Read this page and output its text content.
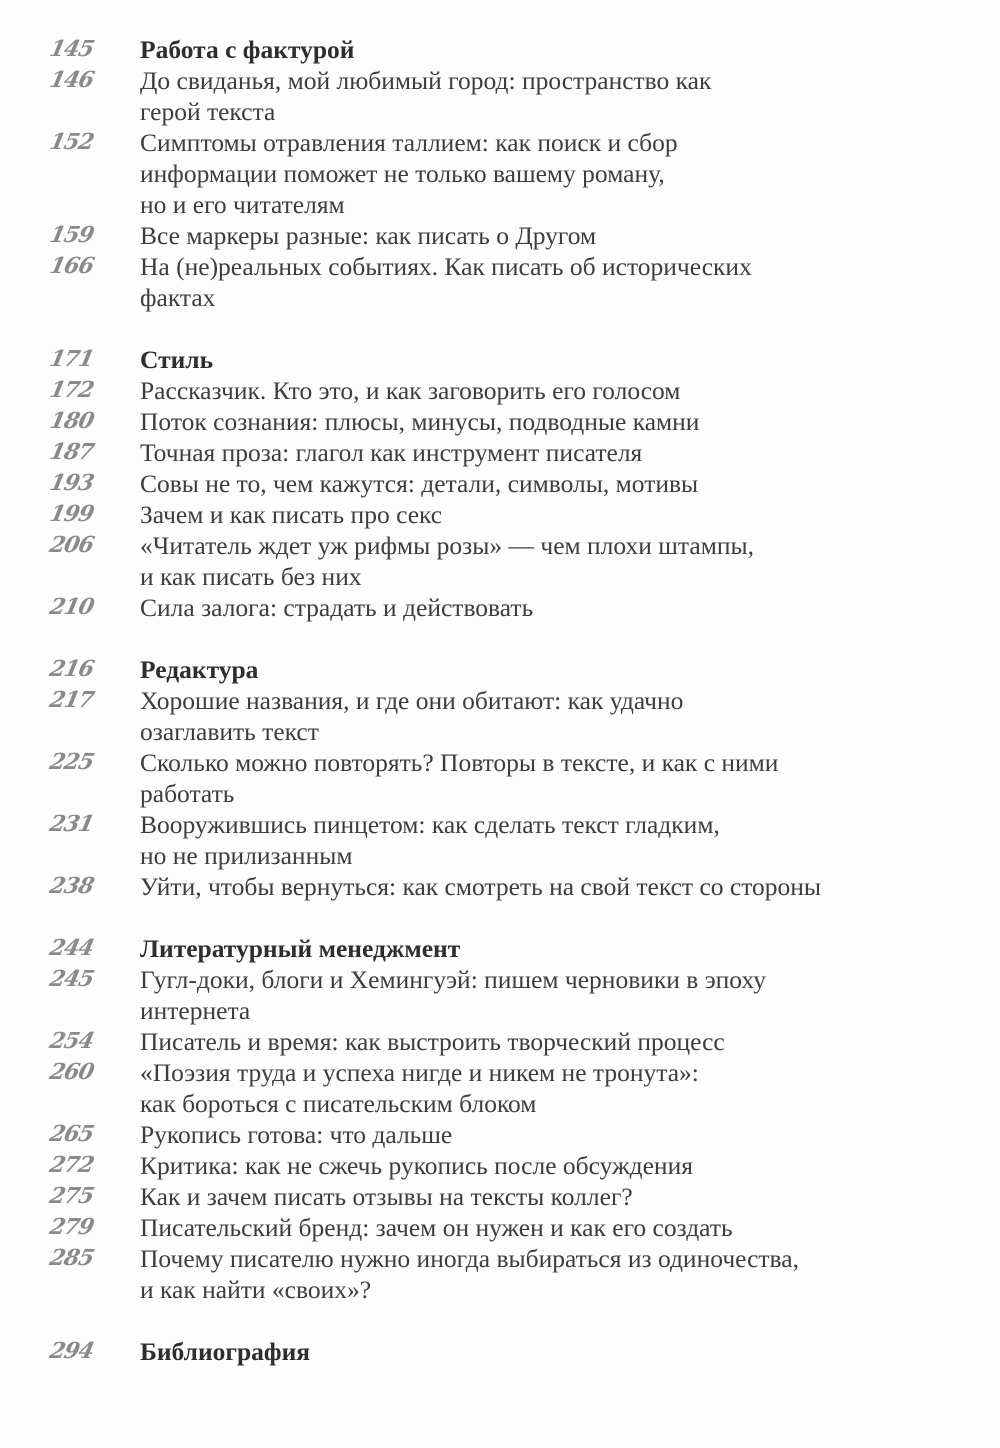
145	Работа с фактурой
146	До свиданья, мой любимый город: пространство как
герой текста
152	Симптомы отравления таллием: как поиск и сбор
информации поможет не только вашему роману,
но и его читателям
159	Все маркеры разные: как писать о Другом
166	На (не)реальных событиях. Как писать об исторических
фактах
171	Стиль
172	Рассказчик. Кто это, и как заговорить его голосом
180	Поток сознания: плюсы, минусы, подводные камни
187	Точная проза: глагол как инструмент писателя
193	Совы не то, чем кажутся: детали, символы, мотивы
199	Зачем и как писать про секс
206	«Читатель ждет уж рифмы розы» — чем плохи штампы,
и как писать без них
210	Сила залога: страдать и действовать
216	Редактура
217	Хорошие названия, и где они обитают: как удачно
озаглавить текст
225	Сколько можно повторять? Повторы в тексте, и как с ними
работать
231	Вооружившись пинцетом: как сделать текст гладким,
но не прилизанным
238	Уйти, чтобы вернуться: как смотреть на свой текст со стороны
244	Литературный менеджмент
245	Гугл-доки, блоги и Хемингуэй: пишем черновики в эпоху
интернета
254	Писатель и время: как выстроить творческий процесс
260	«Поэзия труда и успеха нигде и никем не тронута»:
как бороться с писательским блоком
265	Рукопись готова: что дальше
272	Критика: как не сжечь рукопись после обсуждения
275	Как и зачем писать отзывы на тексты коллег?
279	Писательский бренд: зачем он нужен и как его создать
285	Почему писателю нужно иногда выбираться из одиночества,
и как найти «своих»?
294	Библиография
